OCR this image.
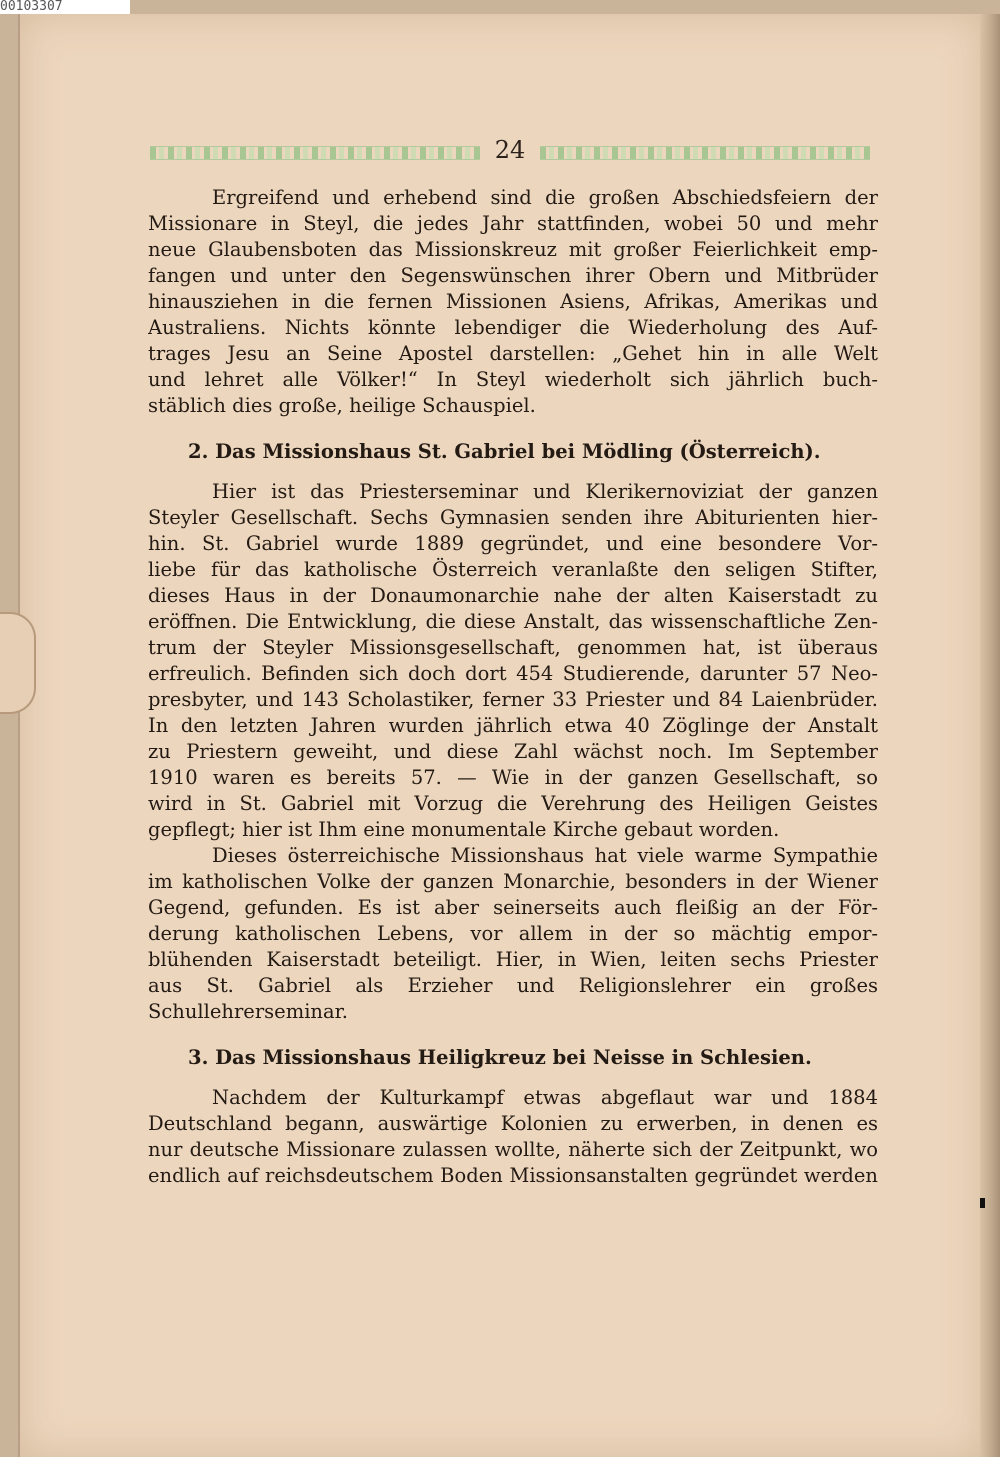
00103307
24
Ergreifend und erhebend sind die großen Abschiedsfeiern der
Missionare in Steyl, die jedes Jahr stattfinden, wobei 50 und mehr
neue Glaubensboten das Missionskreuz mit großer Feierlichkeit emp-
fangen und unter den Segenswünschen ihrer Obern und Mitbrüder
hinausziehen in die fernen Missionen Asiens, Afrikas, Amerikas und
Australiens. Nichts könnte lebendiger die Wiederholung des Auf-
trages Jesu an Seine Apostel darstellen: „Gehet hin in alle Welt
und lehret alle Völker!“ In Steyl wiederholt sich jährlich buch-
stäblich dies große, heilige Schauspiel.
2. Das Missionshaus St. Gabriel bei Mödling (Österreich).
Hier ist das Priesterseminar und Klerikernoviziat der ganzen
Steyler Gesellschaft. Sechs Gymnasien senden ihre Abiturienten hier-
hin. St. Gabriel wurde 1889 gegründet, und eine besondere Vor-
liebe für das katholische Österreich veranlaßte den seligen Stifter,
dieses Haus in der Donaumonarchie nahe der alten Kaiserstadt zu
eröffnen. Die Entwicklung, die diese Anstalt, das wissenschaftliche Zen-
trum der Steyler Missionsgesellschaft, genommen hat, ist überaus
erfreulich. Befinden sich doch dort 454 Studierende, darunter 57 Neo-
presbyter, und 143 Scholastiker, ferner 33 Priester und 84 Laienbrüder.
In den letzten Jahren wurden jährlich etwa 40 Zöglinge der Anstalt
zu Priestern geweiht, und diese Zahl wächst noch. Im September
1910 waren es bereits 57. — Wie in der ganzen Gesellschaft, so
wird in St. Gabriel mit Vorzug die Verehrung des Heiligen Geistes
gepflegt; hier ist Ihm eine monumentale Kirche gebaut worden.
Dieses österreichische Missionshaus hat viele warme Sympathie
im katholischen Volke der ganzen Monarchie, besonders in der Wiener
Gegend, gefunden. Es ist aber seinerseits auch fleißig an der För-
derung katholischen Lebens, vor allem in der so mächtig empor-
blühenden Kaiserstadt beteiligt. Hier, in Wien, leiten sechs Priester
aus St. Gabriel als Erzieher und Religionslehrer ein großes
Schullehrerseminar.
3. Das Missionshaus Heiligkreuz bei Neisse in Schlesien.
Nachdem der Kulturkampf etwas abgeflaut war und 1884
Deutschland begann, auswärtige Kolonien zu erwerben, in denen es
nur deutsche Missionare zulassen wollte, näherte sich der Zeitpunkt, wo
endlich auf reichsdeutschem Boden Missionsanstalten gegründet werden
